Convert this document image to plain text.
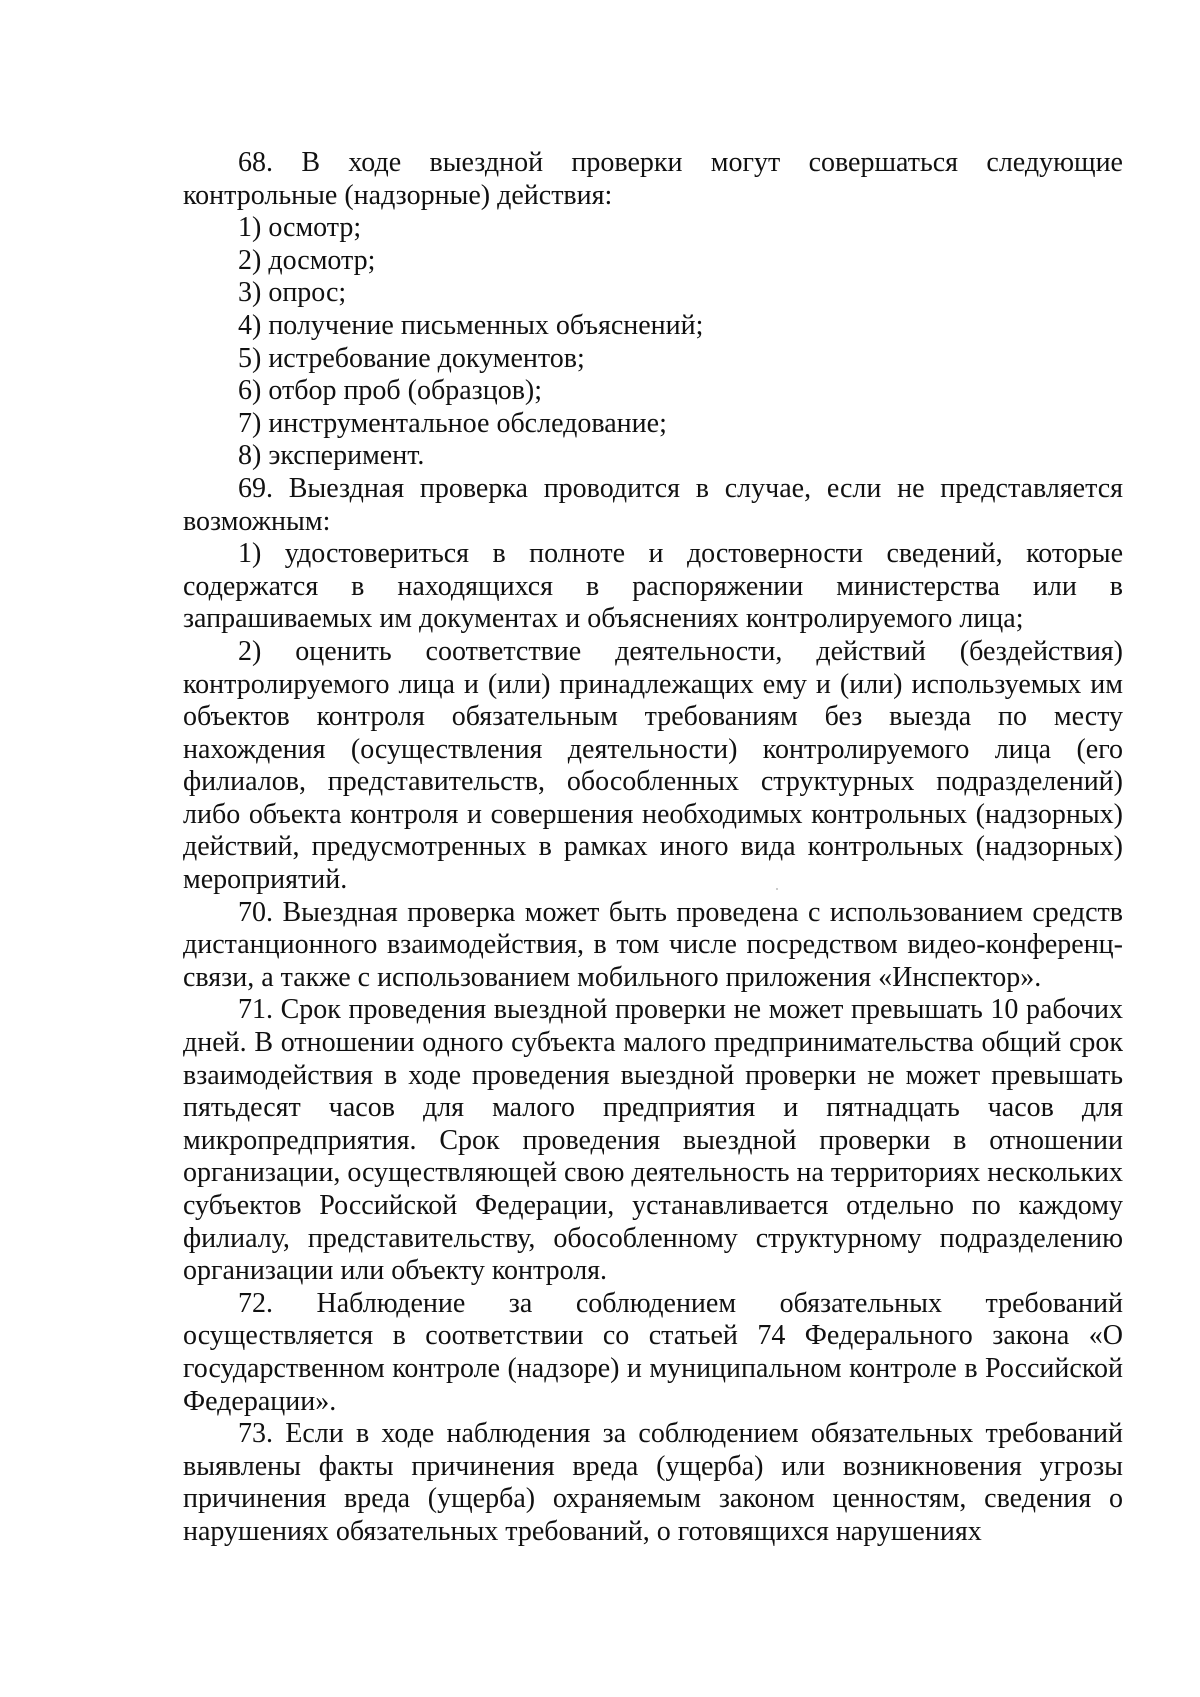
68. В ходе выездной проверки могут совершаться следующие контрольные (надзорные) действия:

1) осмотр;

2) досмотр;

3) опрос;

4) получение письменных объяснений;

5) истребование документов;

6) отбор проб (образцов);

7) инструментальное обследование;

8) эксперимент.

69. Выездная проверка проводится в случае, если не представляется возможным:

1) удостовериться в полноте и достоверности сведений, которые содержатся в находящихся в распоряжении министерства или в запрашиваемых им документах и объяснениях контролируемого лица;

2) оценить соответствие деятельности, действий (бездействия) контролируемого лица и (или) принадлежащих ему и (или) используемых им объектов контроля обязательным требованиям без выезда по месту нахождения (осуществления деятельности) контролируемого лица (его филиалов, представительств, обособленных структурных подразделений) либо объекта контроля и совершения необходимых контрольных (надзорных) действий, предусмотренных в рамках иного вида контрольных (надзорных) мероприятий.

70. Выездная проверка может быть проведена с использованием средств дистанционного взаимодействия, в том числе посредством видео-конференц-связи, а также с использованием мобильного приложения «Инспектор».

71. Срок проведения выездной проверки не может превышать 10 рабочих дней. В отношении одного субъекта малого предпринимательства общий срок взаимодействия в ходе проведения выездной проверки не может превышать пятьдесят часов для малого предприятия и пятнадцать часов для микропредприятия. Срок проведения выездной проверки в отношении организации, осуществляющей свою деятельность на территориях нескольких субъектов Российской Федерации, устанавливается отдельно по каждому филиалу, представительству, обособленному структурному подразделению организации или объекту контроля.

72. Наблюдение за соблюдением обязательных требований осуществляется в соответствии со статьей 74 Федерального закона «О государственном контроле (надзоре) и муниципальном контроле в Российской Федерации».

73. Если в ходе наблюдения за соблюдением обязательных требований выявлены факты причинения вреда (ущерба) или возникновения угрозы причинения вреда (ущерба) охраняемым законом ценностям, сведения о нарушениях обязательных требований, о готовящихся нарушениях
